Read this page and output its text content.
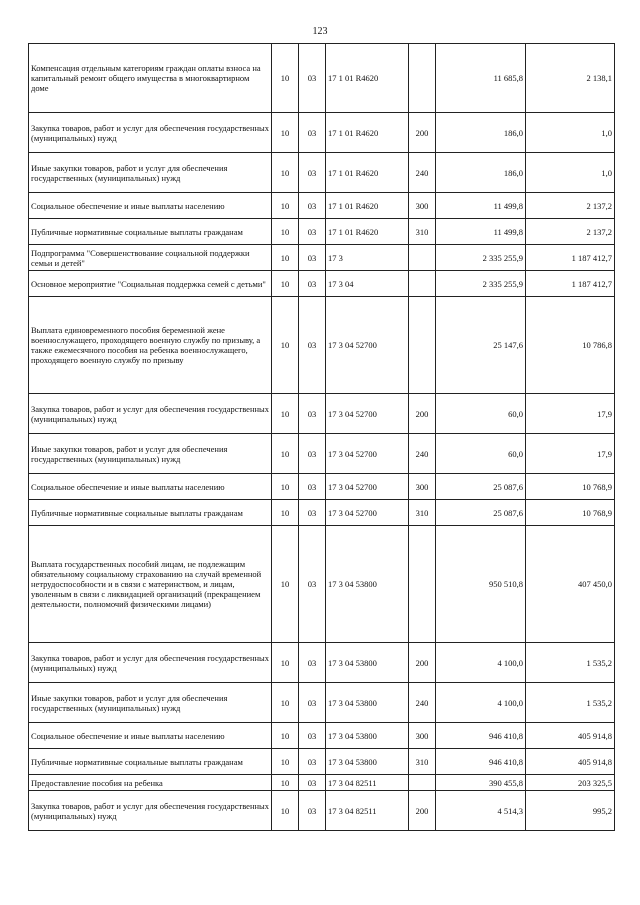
123
Компенсация отдельным категориям граждан оплаты взноса на капитальный ремонт общего имущества в многоквартирном доме	10	03	17 1 01 R4620		11 685,8	2 138,1
Закупка товаров, работ и услуг для обеспечения государственных (муниципальных) нужд	10	03	17 1 01 R4620	200	186,0	1,0
Иные закупки товаров, работ и услуг для обеспечения государственных (муниципальных) нужд	10	03	17 1 01 R4620	240	186,0	1,0
Социальное обеспечение и иные выплаты населению	10	03	17 1 01 R4620	300	11 499,8	2 137,2
Публичные нормативные социальные выплаты гражданам	10	03	17 1 01 R4620	310	11 499,8	2 137,2
Подпрограмма "Совершенствование социальной поддержки семьи и детей"	10	03	17 3		2 335 255,9	1 187 412,7
Основное мероприятие "Социальная поддержка семей с детьми"	10	03	17 3 04		2 335 255,9	1 187 412,7
Выплата единовременного пособия беременной жене военнослужащего, проходящего военную службу по призыву, а также ежемесячного пособия на ребенка военнослужащего, проходящего военную службу по призыву	10	03	17 3 04 52700		25 147,6	10 786,8
Закупка товаров, работ и услуг для обеспечения государственных (муниципальных) нужд	10	03	17 3 04 52700	200	60,0	17,9
Иные закупки товаров, работ и услуг для обеспечения государственных (муниципальных) нужд	10	03	17 3 04 52700	240	60,0	17,9
Социальное обеспечение и иные выплаты населению	10	03	17 3 04 52700	300	25 087,6	10 768,9
Публичные нормативные социальные выплаты гражданам	10	03	17 3 04 52700	310	25 087,6	10 768,9
Выплата государственных пособий лицам, не подлежащим обязательному социальному страхованию на случай временной нетрудоспособности и в связи с материнством, и лицам, уволенным в связи с ликвидацией организаций (прекращением деятельности, полномочий физическими лицами)	10	03	17 3 04 53800		950 510,8	407 450,0
Закупка товаров, работ и услуг для обеспечения государственных (муниципальных) нужд	10	03	17 3 04 53800	200	4 100,0	1 535,2
Иные закупки товаров, работ и услуг для обеспечения государственных (муниципальных) нужд	10	03	17 3 04 53800	240	4 100,0	1 535,2
Социальное обеспечение и иные выплаты населению	10	03	17 3 04 53800	300	946 410,8	405 914,8
Публичные нормативные социальные выплаты гражданам	10	03	17 3 04 53800	310	946 410,8	405 914,8
Предоставление пособия на ребенка	10	03	17 3 04 82511		390 455,8	203 325,5
Закупка товаров, работ и услуг для обеспечения государственных (муниципальных) нужд	10	03	17 3 04 82511	200	4 514,3	995,2
